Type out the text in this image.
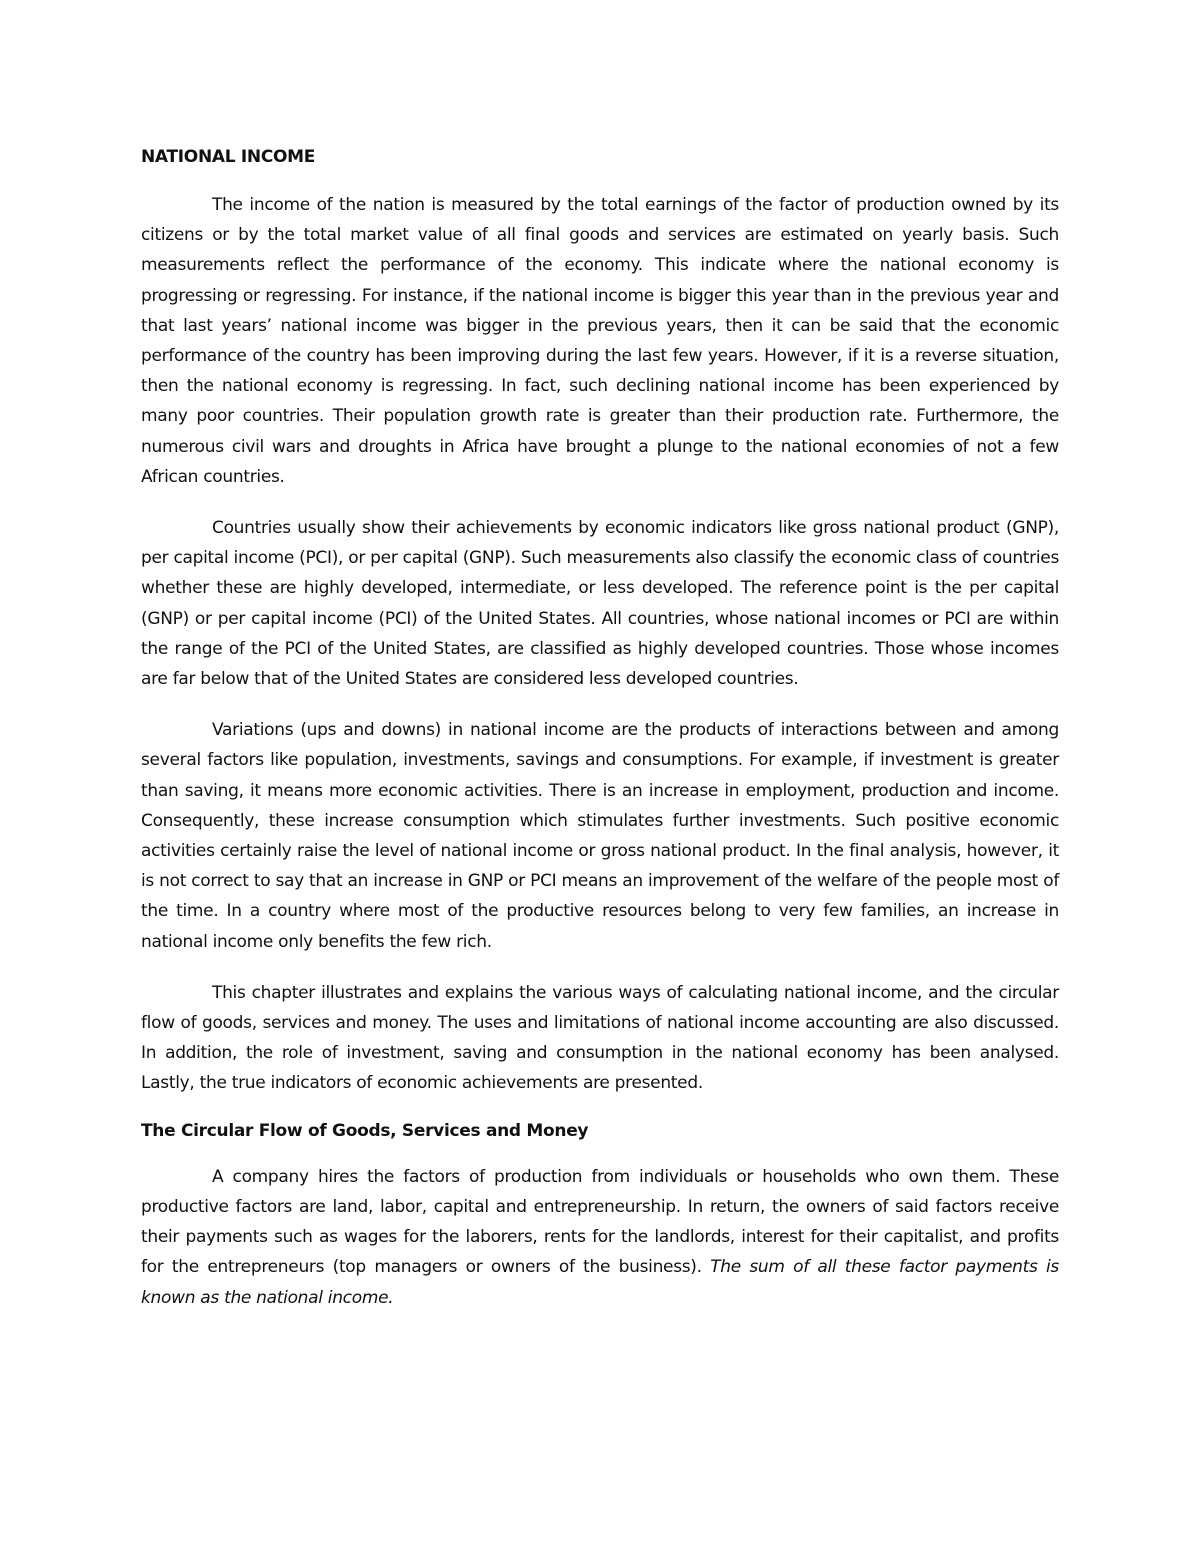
NATIONAL INCOME

The income of the nation is measured by the total earnings of the factor of production owned by its citizens or by the total market value of all final goods and services are estimated on yearly basis. Such measurements reflect the performance of the economy. This indicate where the national economy is progressing or regressing. For instance, if the national income is bigger this year than in the previous year and that last years’ national income was bigger in the previous years, then it can be said that the economic performance of the country has been improving during the last few years. However, if it is a reverse situation, then the national economy is regressing. In fact, such declining national income has been experienced by many poor countries. Their population growth rate is greater than their production rate. Furthermore, the numerous civil wars and droughts in Africa have brought a plunge to the national economies of not a few African countries.

Countries usually show their achievements by economic indicators like gross national product (GNP), per capital income (PCI), or per capital (GNP). Such measurements also classify the economic class of countries whether these are highly developed, intermediate, or less developed. The reference point is the per capital (GNP) or per capital income (PCI) of the United States. All countries, whose national incomes or PCI are within the range of the PCI of the United States, are classified as highly developed countries. Those whose incomes are far below that of the United States are considered less developed countries.

Variations (ups and downs) in national income are the products of interactions between and among several factors like population, investments, savings and consumptions. For example, if investment is greater than saving, it means more economic activities. There is an increase in employment, production and income. Consequently, these increase consumption which stimulates further investments. Such positive economic activities certainly raise the level of national income or gross national product. In the final analysis, however, it is not correct to say that an increase in GNP or PCI means an improvement of the welfare of the people most of the time. In a country where most of the productive resources belong to very few families, an increase in national income only benefits the few rich.

This chapter illustrates and explains the various ways of calculating national income, and the circular flow of goods, services and money. The uses and limitations of national income accounting are also discussed. In addition, the role of investment, saving and consumption in the national economy has been analysed. Lastly, the true indicators of economic achievements are presented.

The Circular Flow of Goods, Services and Money

A company hires the factors of production from individuals or households who own them. These productive factors are land, labor, capital and entrepreneurship. In return, the owners of said factors receive their payments such as wages for the laborers, rents for the landlords, interest for their capitalist, and profits for the entrepreneurs (top managers or owners of the business). The sum of all these factor payments is known as the national income.
